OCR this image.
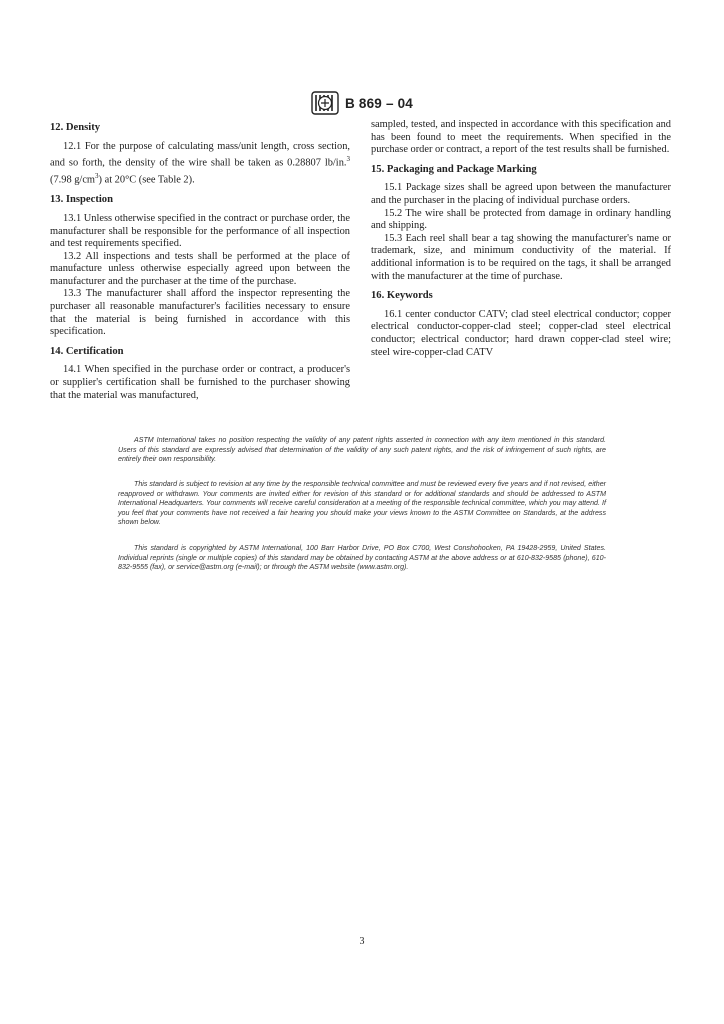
B 869 – 04
12. Density

12.1 For the purpose of calculating mass/unit length, cross section, and so forth, the density of the wire shall be taken as 0.28807 lb/in.$^3$ (7.98 $g/cm^3$) at 20°C (see Table 2).

13. Inspection

13.1 Unless otherwise specified in the contract or purchase order, the manufacturer shall be responsible for the performance of all inspection and test requirements specified.

13.2 All inspections and tests shall be performed at the place of manufacture unless otherwise especially agreed upon between the manufacturer and the purchaser at the time of the purchase.

13.3 The manufacturer shall afford the inspector representing the purchaser all reasonable manufacturer's facilities necessary to ensure that the material is being furnished in accordance with this specification.

14. Certification

14.1 When specified in the purchase order or contract, a producer's or supplier's certification shall be furnished to the purchaser showing that the material was manufactured,

sampled, tested, and inspected in accordance with this specification and has been found to meet the requirements. When specified in the purchase order or contract, a report of the test results shall be furnished.

15. Packaging and Package Marking

15.1 Package sizes shall be agreed upon between the manufacturer and the purchaser in the placing of individual purchase orders.

15.2 The wire shall be protected from damage in ordinary handling and shipping.

15.3 Each reel shall bear a tag showing the manufacturer's name or trademark, size, and minimum conductivity of the material. If additional information is to be required on the tags, it shall be arranged with the manufacturer at the time of purchase.

16. Keywords

16.1 center conductor CATV; clad steel electrical conductor; copper electrical conductor-copper-clad steel; copper-clad steel electrical conductor; electrical conductor; hard drawn copper-clad steel wire; steel wire-copper-clad CATV

ASTM International takes no position respecting the validity of any patent rights asserted in connection with any item mentioned in this standard. Users of this standard are expressly advised that determination of the validity of any such patent rights, and the risk of infringement of such rights, are entirely their own responsibility.

This standard is subject to revision at any time by the responsible technical committee and must be reviewed every five years and if not revised, either reapproved or withdrawn. Your comments are invited either for revision of this standard or for additional standards and should be addressed to ASTM International Headquarters. Your comments will receive careful consideration at a meeting of the responsible technical committee, which you may attend. If you feel that your comments have not received a fair hearing you should make your views known to the ASTM Committee on Standards, at the address shown below.

This standard is copyrighted by ASTM International, 100 Barr Harbor Drive, PO Box C700, West Conshohocken, PA 19428-2959, United States. Individual reprints (single or multiple copies) of this standard may be obtained by contacting ASTM at the above address or at 610-832-9585 (phone), 610-832-9555 (fax), or service@astm.org (e-mail); or through the ASTM website (www.astm.org).

3
